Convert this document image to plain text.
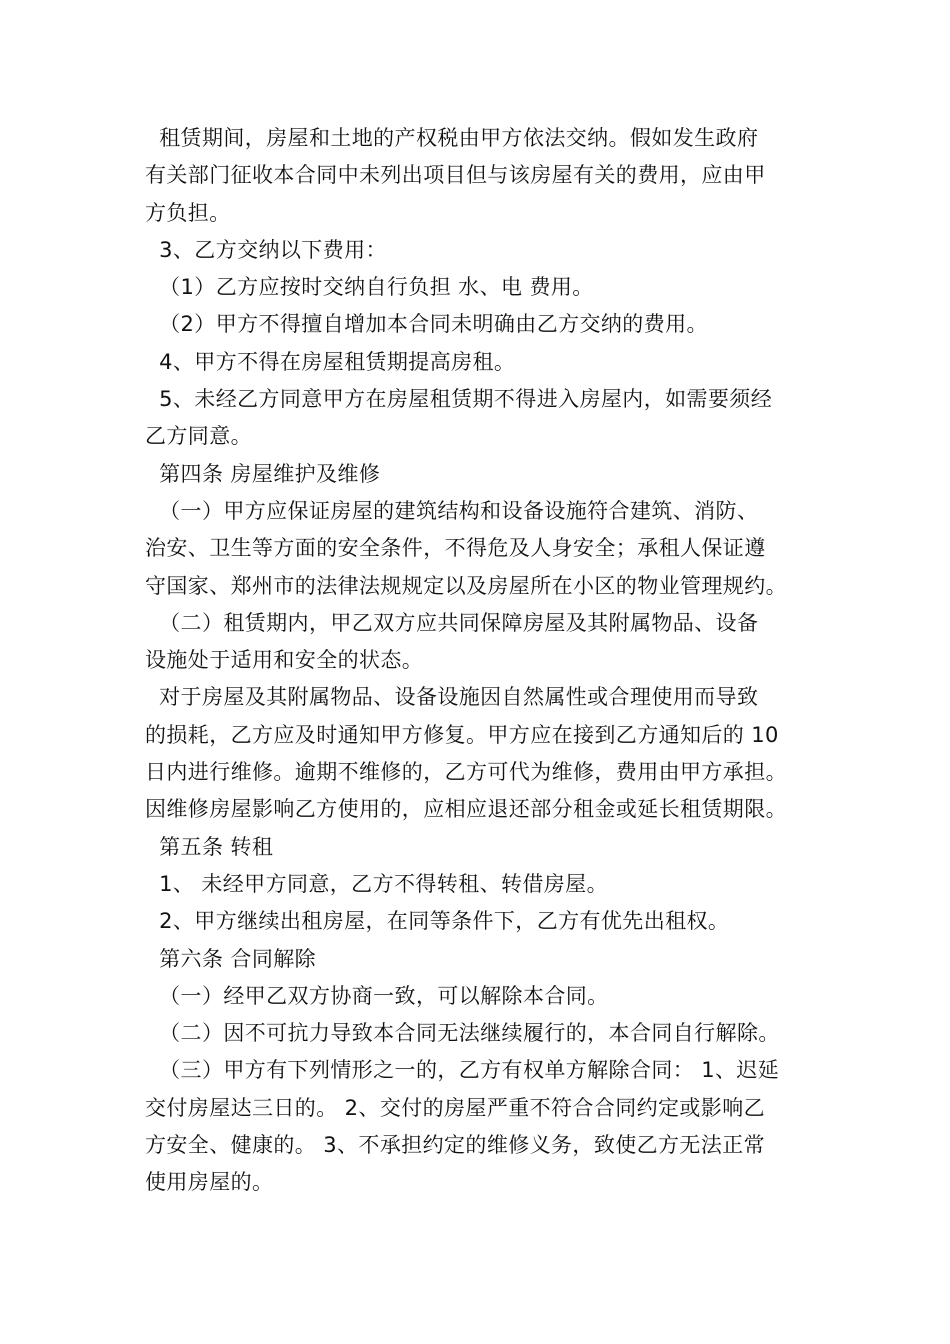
租赁期间，房屋和土地的产权税由甲方依法交纳。假如发生政府
有关部门征收本合同中未列出项目但与该房屋有关的费用，应由甲
方负担。
3、乙方交纳以下费用：
（1）乙方应按时交纳自行负担 水、电 费用。
（2）甲方不得擅自增加本合同未明确由乙方交纳的费用。
4、甲方不得在房屋租赁期提高房租。
5、未经乙方同意甲方在房屋租赁期不得进入房屋内，如需要须经
乙方同意。
第四条 房屋维护及维修
（一）甲方应保证房屋的建筑结构和设备设施符合建筑、消防、
治安、卫生等方面的安全条件，不得危及人身安全；承租人保证遵
守国家、郑州市的法律法规规定以及房屋所在小区的物业管理规约。
（二）租赁期内，甲乙双方应共同保障房屋及其附属物品、设备
设施处于适用和安全的状态。
对于房屋及其附属物品、设备设施因自然属性或合理使用而导致
的损耗，乙方应及时通知甲方修复。甲方应在接到乙方通知后的 10
日内进行维修。逾期不维修的，乙方可代为维修，费用由甲方承担。
因维修房屋影响乙方使用的，应相应退还部分租金或延长租赁期限。
第五条 转租
1、 未经甲方同意，乙方不得转租、转借房屋。
2、甲方继续出租房屋，在同等条件下，乙方有优先出租权。
第六条 合同解除
（一）经甲乙双方协商一致，可以解除本合同。
（二）因不可抗力导致本合同无法继续履行的，本合同自行解除。
（三）甲方有下列情形之一的，乙方有权单方解除合同： 1、迟延
交付房屋达三日的。 2、交付的房屋严重不符合合同约定或影响乙
方安全、健康的。 3、不承担约定的维修义务，致使乙方无法正常
使用房屋的。
